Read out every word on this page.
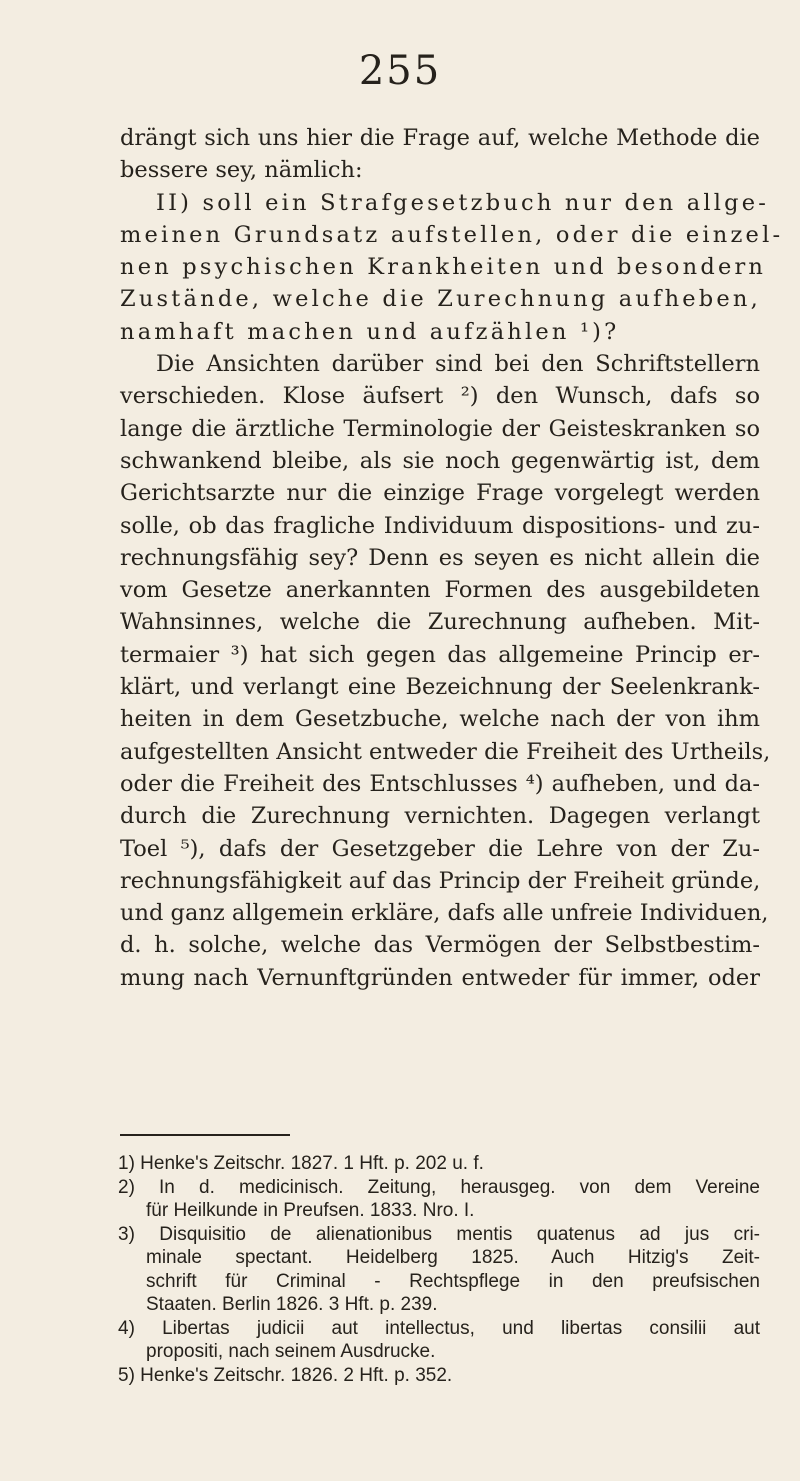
255
drängt sich uns hier die Frage auf, welche Methode die
bessere sey, nämlich:
II) soll ein Strafgesetzbuch nur den allge-
meinen Grundsatz aufstellen, oder die einzel-
nen psychischen Krankheiten und besondern
Zustände, welche die Zurechnung aufheben,
namhaft machen und aufzählen ¹)?
Die Ansichten darüber sind bei den Schriftstellern
verschieden. Klose äufsert ²) den Wunsch, dafs so
lange die ärztliche Terminologie der Geisteskranken so
schwankend bleibe, als sie noch gegenwärtig ist, dem
Gerichtsarzte nur die einzige Frage vorgelegt werden
solle, ob das fragliche Individuum dispositions- und zu-
rechnungsfähig sey? Denn es seyen es nicht allein die
vom Gesetze anerkannten Formen des ausgebildeten
Wahnsinnes, welche die Zurechnung aufheben. Mit-
termaier ³) hat sich gegen das allgemeine Princip er-
klärt, und verlangt eine Bezeichnung der Seelenkrank-
heiten in dem Gesetzbuche, welche nach der von ihm
aufgestellten Ansicht entweder die Freiheit des Urtheils,
oder die Freiheit des Entschlusses ⁴) aufheben, und da-
durch die Zurechnung vernichten. Dagegen verlangt
Toel ⁵), dafs der Gesetzgeber die Lehre von der Zu-
rechnungsfähigkeit auf das Princip der Freiheit gründe,
und ganz allgemein erkläre, dafs alle unfreie Individuen,
d. h. solche, welche das Vermögen der Selbstbestim-
mung nach Vernunftgründen entweder für immer, oder
1) Henke's Zeitschr. 1827. 1 Hft. p. 202 u. f.
2) In d. medicinisch. Zeitung, herausgeg. von dem Vereine
für Heilkunde in Preufsen. 1833. Nro. I.
3) Disquisitio de alienationibus mentis quatenus ad jus cri-
minale spectant. Heidelberg 1825. Auch Hitzig's Zeit-
schrift für Criminal - Rechtspflege in den preufsischen
Staaten. Berlin 1826. 3 Hft. p. 239.
4) Libertas judicii aut intellectus, und libertas consilii aut
propositi, nach seinem Ausdrucke.
5) Henke's Zeitschr. 1826. 2 Hft. p. 352.
